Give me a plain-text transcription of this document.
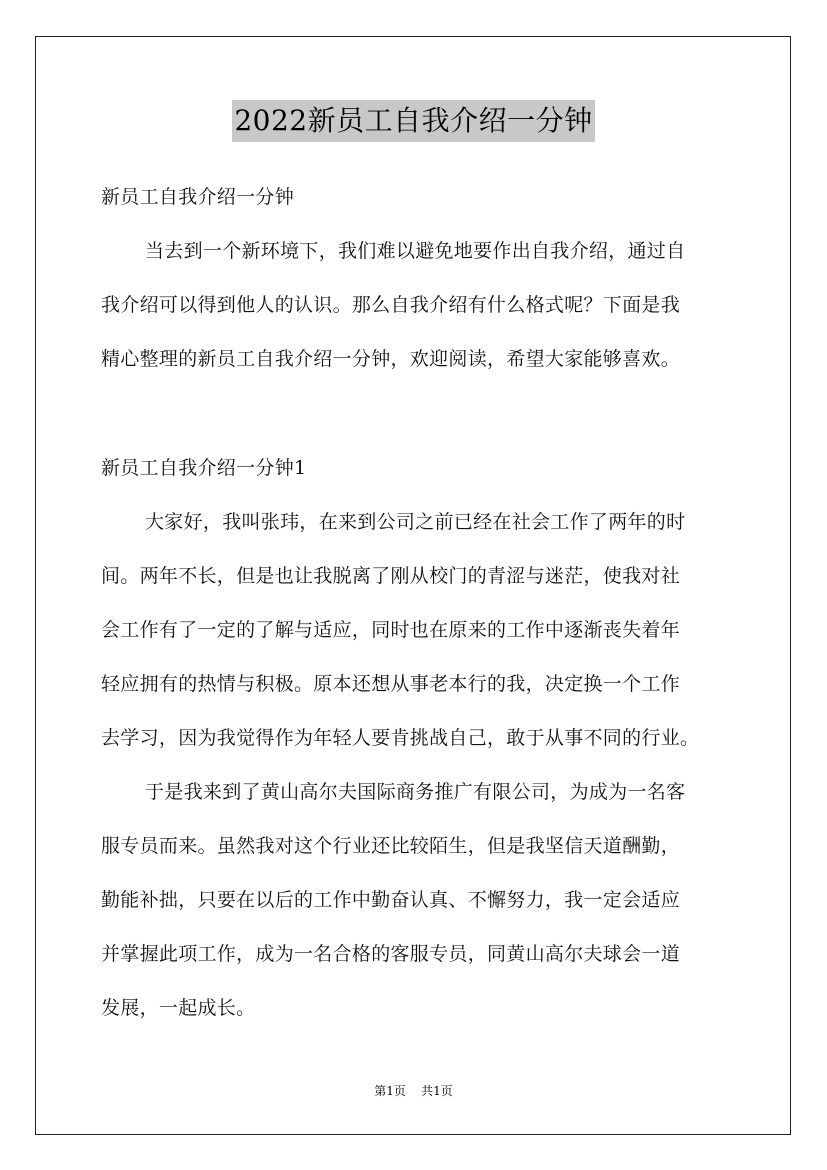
2022新员工自我介绍一分钟
新员工自我介绍一分钟
当去到一个新环境下，我们难以避免地要作出自我介绍，通过自
我介绍可以得到他人的认识。那么自我介绍有什么格式呢？下面是我
精心整理的新员工自我介绍一分钟，欢迎阅读，希望大家能够喜欢。
新员工自我介绍一分钟1
大家好，我叫张玮，在来到公司之前已经在社会工作了两年的时
间。两年不长，但是也让我脱离了刚从校门的青涩与迷茫，使我对社
会工作有了一定的了解与适应，同时也在原来的工作中逐渐丧失着年
轻应拥有的热情与积极。原本还想从事老本行的我，决定换一个工作
去学习，因为我觉得作为年轻人要肯挑战自己，敢于从事不同的行业。
于是我来到了黄山高尔夫国际商务推广有限公司，为成为一名客
服专员而来。虽然我对这个行业还比较陌生，但是我坚信天道酬勤，
勤能补拙，只要在以后的工作中勤奋认真、不懈努力，我一定会适应
并掌握此项工作，成为一名合格的客服专员，同黄山高尔夫球会一道
发展，一起成长。
第1页 共1页
